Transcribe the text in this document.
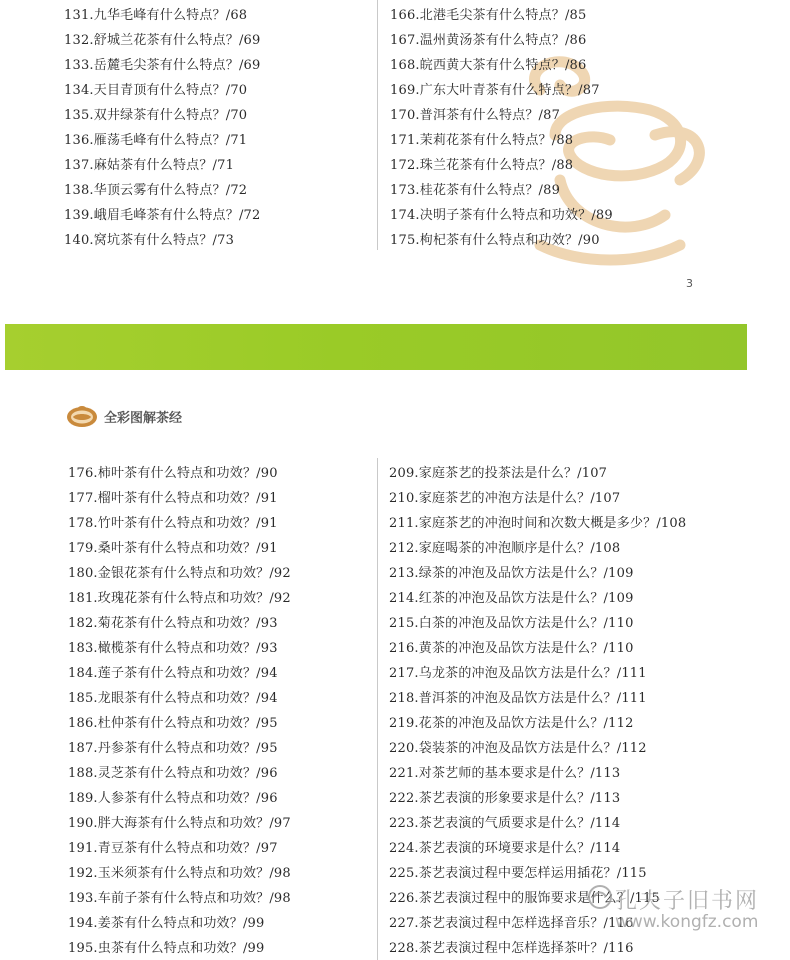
131.九华毛峰有什么特点？/68
132.舒城兰花茶有什么特点？/69
133.岳麓毛尖茶有什么特点？/69
134.天目青顶有什么特点？/70
135.双井绿茶有什么特点？/70
136.雁荡毛峰有什么特点？/71
137.麻姑茶有什么特点？/71
138.华顶云雾有什么特点？/72
139.峨眉毛峰茶有什么特点？/72
140.窝坑茶有什么特点？/73
166.北港毛尖茶有什么特点？/85
167.温州黄汤茶有什么特点？/86
168.皖西黄大茶有什么特点？/86
169.广东大叶青茶有什么特点？/87
170.普洱茶有什么特点？/87
171.茉莉花茶有什么特点？/88
172.珠兰花茶有什么特点？/88
173.桂花茶有什么特点？/89
174.决明子茶有什么特点和功效？/89
175.枸杞茶有什么特点和功效？/90
3
全彩图解茶经
176.柿叶茶有什么特点和功效？/90
177.榴叶茶有什么特点和功效？/91
178.竹叶茶有什么特点和功效？/91
179.桑叶茶有什么特点和功效？/91
180.金银花茶有什么特点和功效？/92
181.玫瑰花茶有什么特点和功效？/92
182.菊花茶有什么特点和功效？/93
183.橄榄茶有什么特点和功效？/93
184.莲子茶有什么特点和功效？/94
185.龙眼茶有什么特点和功效？/94
186.杜仲茶有什么特点和功效？/95
187.丹参茶有什么特点和功效？/95
188.灵芝茶有什么特点和功效？/96
189.人参茶有什么特点和功效？/96
190.胖大海茶有什么特点和功效？/97
191.青豆茶有什么特点和功效？/97
192.玉米须茶有什么特点和功效？/98
193.车前子茶有什么特点和功效？/98
194.姜茶有什么特点和功效？/99
195.虫茶有什么特点和功效？/99
209.家庭茶艺的投茶法是什么？/107
210.家庭茶艺的冲泡方法是什么？/107
211.家庭茶艺的冲泡时间和次数大概是多少？/108
212.家庭喝茶的冲泡顺序是什么？/108
213.绿茶的冲泡及品饮方法是什么？/109
214.红茶的冲泡及品饮方法是什么？/109
215.白茶的冲泡及品饮方法是什么？/110
216.黄茶的冲泡及品饮方法是什么？/110
217.乌龙茶的冲泡及品饮方法是什么？/111
218.普洱茶的冲泡及品饮方法是什么？/111
219.花茶的冲泡及品饮方法是什么？/112
220.袋装茶的冲泡及品饮方法是什么？/112
221.对茶艺师的基本要求是什么？/113
222.茶艺表演的形象要求是什么？/113
223.茶艺表演的气质要求是什么？/114
224.茶艺表演的环境要求是什么？/114
225.茶艺表演过程中要怎样运用插花？/115
226.茶艺表演过程中的服饰要求是什么？/115
227.茶艺表演过程中怎样选择音乐？/116
228.茶艺表演过程中怎样选择茶叶？/116
孔夫子旧书网
www.kongfz.com
